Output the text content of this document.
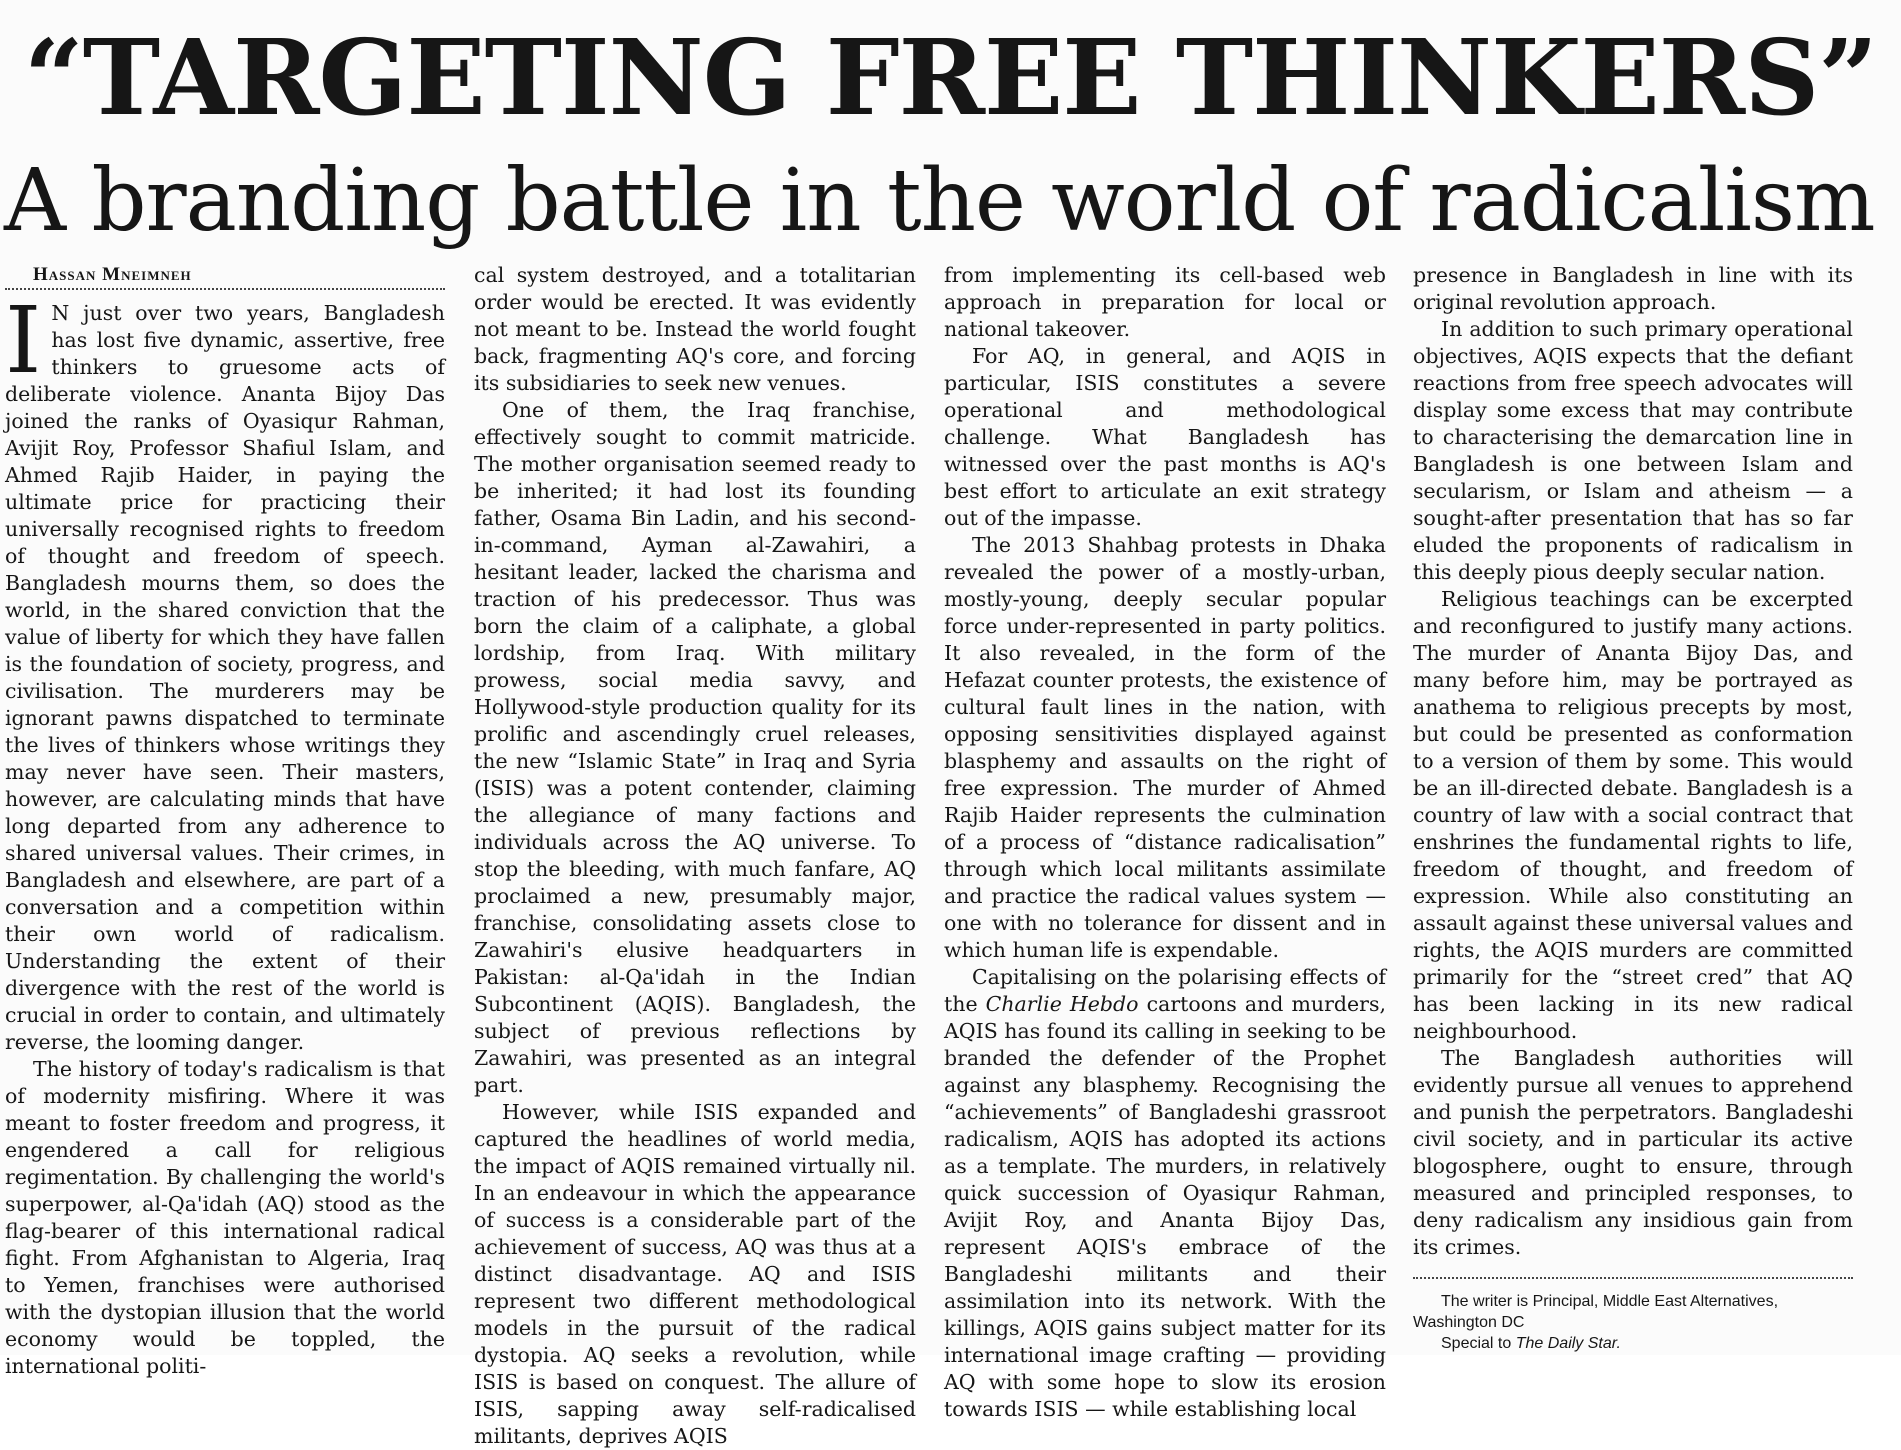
“TARGETING FREE THINKERS”
A branding battle in the world of radicalism

Hassan Mneimneh

I N just over two years, Bangladesh has lost five dynamic, assertive, free thinkers to gruesome acts of deliberate violence. Ananta Bijoy Das joined the ranks of Oyasiqur Rahman, Avijit Roy, Professor Shafiul Islam, and Ahmed Rajib Haider, in paying the ultimate price for practicing their universally recognised rights to freedom of thought and freedom of speech. Bangladesh mourns them, so does the world, in the shared conviction that the value of liberty for which they have fallen is the foundation of society, progress, and civilisation. The murderers may be ignorant pawns dispatched to terminate the lives of thinkers whose writings they may never have seen. Their masters, however, are calculating minds that have long departed from any adherence to shared universal values. Their crimes, in Bangladesh and elsewhere, are part of a conversation and a competition within their own world of radicalism. Understanding the extent of their divergence with the rest of the world is crucial in order to contain, and ultimately reverse, the looming danger.

The history of today's radicalism is that of modernity misfiring. Where it was meant to foster freedom and progress, it engendered a call for religious regimentation. By challenging the world's superpower, al-Qa'idah (AQ) stood as the flag-bearer of this international radical fight. From Afghanistan to Algeria, Iraq to Yemen, franchises were authorised with the dystopian illusion that the world economy would be toppled, the international politi-

cal system destroyed, and a totalitarian order would be erected. It was evidently not meant to be. Instead the world fought back, fragmenting AQ's core, and forcing its subsidiaries to seek new venues.

One of them, the Iraq franchise, effectively sought to commit matricide. The mother organisation seemed ready to be inherited; it had lost its founding father, Osama Bin Ladin, and his second-in-command, Ayman al-Zawahiri, a hesitant leader, lacked the charisma and traction of his predecessor. Thus was born the claim of a caliphate, a global lordship, from Iraq. With military prowess, social media savvy, and Hollywood-style production quality for its prolific and ascendingly cruel releases, the new “Islamic State” in Iraq and Syria (ISIS) was a potent contender, claiming the allegiance of many factions and individuals across the AQ universe. To stop the bleeding, with much fanfare, AQ proclaimed a new, presumably major, franchise, consolidating assets close to Zawahiri's elusive headquarters in Pakistan: al-Qa'idah in the Indian Subcontinent (AQIS). Bangladesh, the subject of previous reflections by Zawahiri, was presented as an integral part.

However, while ISIS expanded and captured the headlines of world media, the impact of AQIS remained virtually nil. In an endeavour in which the appearance of success is a considerable part of the achievement of success, AQ was thus at a distinct disadvantage. AQ and ISIS represent two different methodological models in the pursuit of the radical dystopia. AQ seeks a revolution, while ISIS is based on conquest. The allure of ISIS, sapping away self-radicalised militants, deprives AQIS

from implementing its cell-based web approach in preparation for local or national takeover.

For AQ, in general, and AQIS in particular, ISIS constitutes a severe operational and methodological challenge. What Bangladesh has witnessed over the past months is AQ's best effort to articulate an exit strategy out of the impasse.

The 2013 Shahbag protests in Dhaka revealed the power of a mostly-urban, mostly-young, deeply secular popular force under-represented in party politics. It also revealed, in the form of the Hefazat counter protests, the existence of cultural fault lines in the nation, with opposing sensitivities displayed against blasphemy and assaults on the right of free expression. The murder of Ahmed Rajib Haider represents the culmination of a process of “distance radicalisation” through which local militants assimilate and practice the radical values system — one with no tolerance for dissent and in which human life is expendable.

Capitalising on the polarising effects of the Charlie Hebdo cartoons and murders, AQIS has found its calling in seeking to be branded the defender of the Prophet against any blasphemy. Recognising the “achievements” of Bangladeshi grassroot radicalism, AQIS has adopted its actions as a template. The murders, in relatively quick succession of Oyasiqur Rahman, Avijit Roy, and Ananta Bijoy Das, represent AQIS's embrace of the Bangladeshi militants and their assimilation into its network. With the killings, AQIS gains subject matter for its international image crafting — providing AQ with some hope to slow its erosion towards ISIS — while establishing local

presence in Bangladesh in line with its original revolution approach.

In addition to such primary operational objectives, AQIS expects that the defiant reactions from free speech advocates will display some excess that may contribute to characterising the demarcation line in Bangladesh is one between Islam and secularism, or Islam and atheism — a sought-after presentation that has so far eluded the proponents of radicalism in this deeply pious deeply secular nation.

Religious teachings can be excerpted and reconfigured to justify many actions. The murder of Ananta Bijoy Das, and many before him, may be portrayed as anathema to religious precepts by most, but could be presented as conformation to a version of them by some. This would be an ill-directed debate. Bangladesh is a country of law with a social contract that enshrines the fundamental rights to life, freedom of thought, and freedom of expression. While also constituting an assault against these universal values and rights, the AQIS murders are committed primarily for the “street cred” that AQ has been lacking in its new radical neighbourhood.

The Bangladesh authorities will evidently pursue all venues to apprehend and punish the perpetrators. Bangladeshi civil society, and in particular its active blogosphere, ought to ensure, through measured and principled responses, to deny radicalism any insidious gain from its crimes.

The writer is Principal, Middle East Alternatives, Washington DC

Special to The Daily Star.
